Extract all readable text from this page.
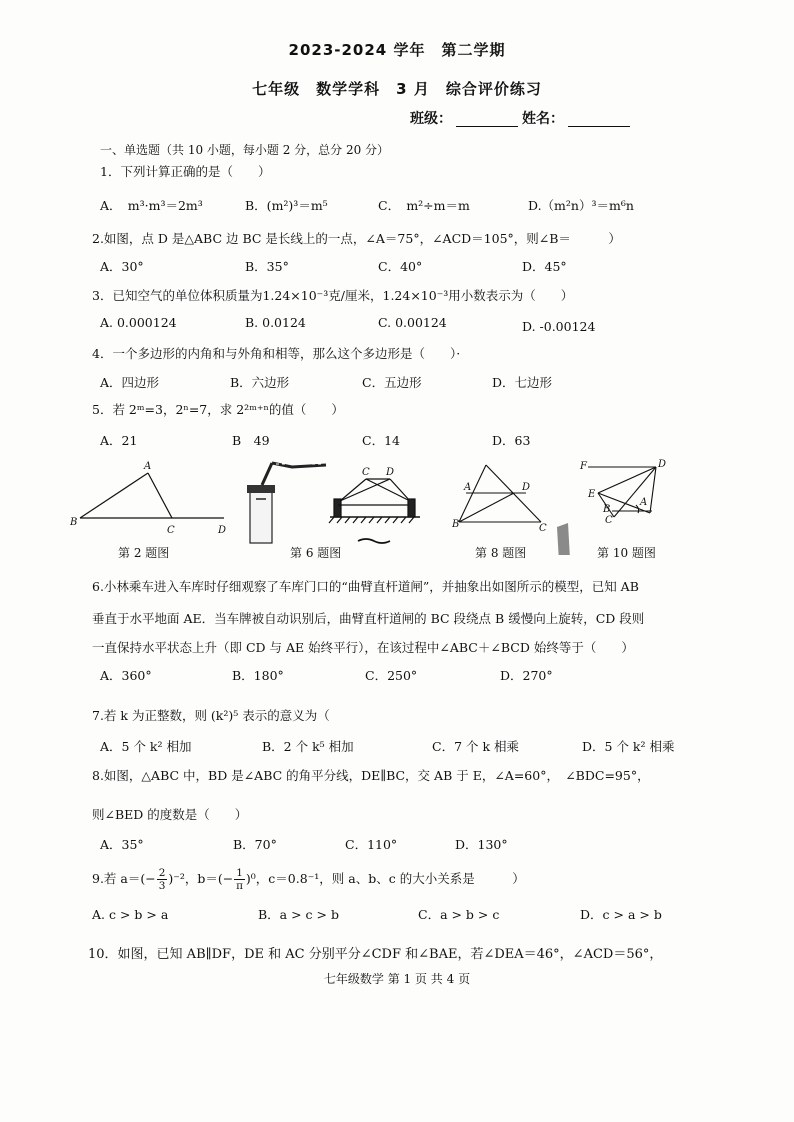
2023-2024 学年　第二学期
七年级　数学学科　3 月　综合评价练习
班级：	姓名：
一、单选题（共 10 小题，每小题 2 分，总分 20 分）
1．下列计算正确的是（　　）
A．　m³·m³＝2m³	B．(m²)³＝m⁵	C．　m²÷m＝m	D.（m²n）³＝m⁶n
2.如图，点 D 是△ABC 边 BC 是长线上的一点，∠A＝75°，∠ACD＝105°，则∠B＝　　　）
A．30°	B．35°	C．40°	D．45°
3．已知空气的单位体积质量为1.24×10⁻³克/厘米，1.24×10⁻³用小数表示为（　　）
A. 0.000124	B. 0.0124	C. 0.00124	D. -0.00124
4．一个多边形的内角和与外角和相等，那么这个多边形是（　　）·
A．四边形	B．六边形	C．五边形	D．七边形
5．若 2ᵐ=3，2ⁿ=7，求 2²ᵐ⁺ⁿ的值（　　）
A．21	B　49	C．14	D．63
A
B
C	D
C D
A	D
B	C
F	D
E
B
C
A
第 2 题图	第 6 题图	第 8 题图	第 10 题图
6.小林乘车进入车库时仔细观察了车库门口的“曲臂直杆道闸”，并抽象出如图所示的模型，已知 AB
垂直于水平地面 AE．当车牌被自动识别后，曲臂直杆道闸的 BC 段绕点 B 缓慢向上旋转，CD 段则
一直保持水平状态上升（即 CD 与 AE 始终平行），在该过程中∠ABC＋∠BCD 始终等于（　　）
A．360°	B．180°	C．250°	D．270°
7.若 k 为正整数，则 (k²)⁵ 表示的意义为（
A．5 个 k² 相加	B．2 个 k⁵ 相加	C．7 个 k 相乘	D．5 个 k² 相乘
8.如图，△ABC 中，BD 是∠ABC 的角平分线，DE∥BC，交 AB 于 E，∠A=60°，　∠BDC=95°，
则∠BED 的度数是（　　）
A．35°	B．70°	C．110°	D．130°
9.若 $a=(- \frac{2}{3} )^{-2}$，$b=(- \frac{1}{\pi} )^0$，c＝0.8⁻¹，则 a、b、c 的大小关系是　　　）
A. c > b > a	B．a > c > b	C．a > b > c	D．c > a > b
10．如图，已知 AB∥DF，DE 和 AC 分别平分∠CDF 和∠BAE，若∠DEA＝46°，∠ACD＝56°，
七年级数学 第 1 页 共 4 页
